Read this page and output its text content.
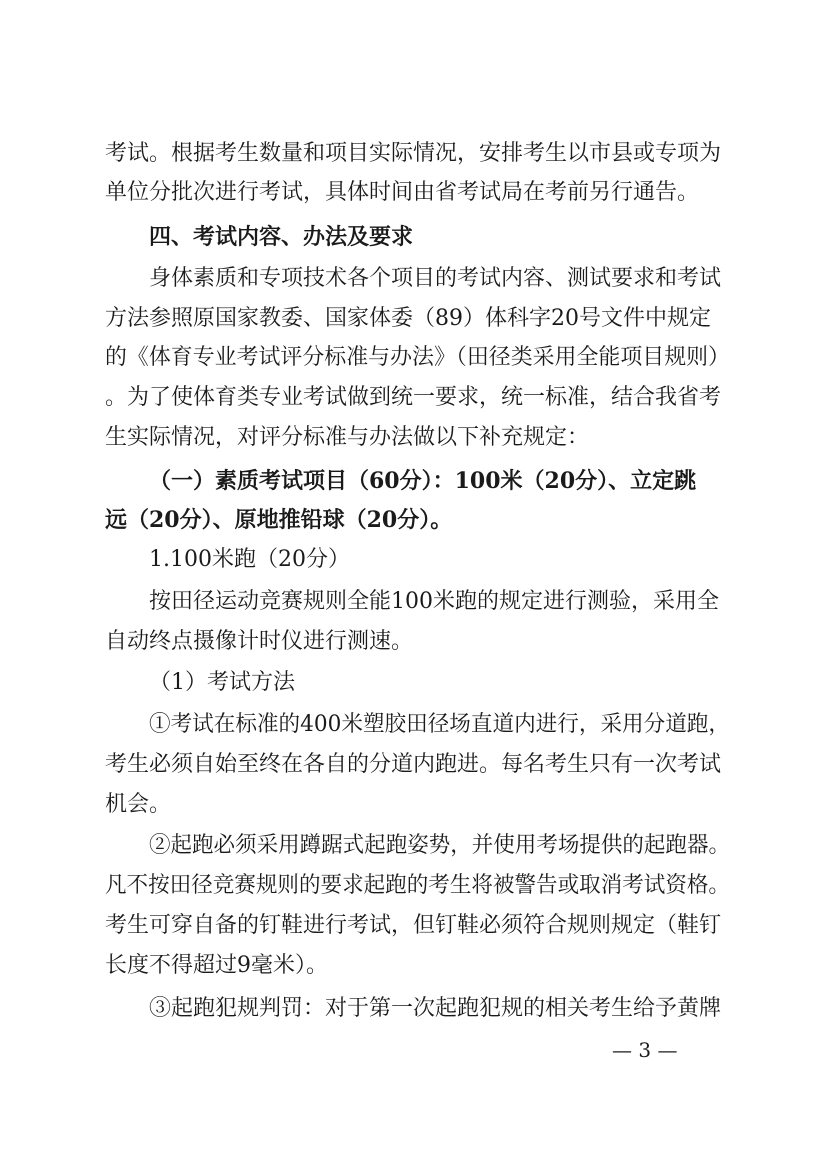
考试。根据考生数量和项目实际情况，安排考生以市县或专项为
单位分批次进行考试，具体时间由省考试局在考前另行通告。
四、考试内容、办法及要求
身体素质和专项技术各个项目的考试内容、测试要求和考试
方法参照原国家教委、国家体委（89）体科字20号文件中规定
的《体育专业考试评分标准与办法》（田径类采用全能项目规则）
。为了使体育类专业考试做到统一要求，统一标准，结合我省考
生实际情况，对评分标准与办法做以下补充规定：
（一）素质考试项目（60分）：100米（20分）、立定跳
远（20分）、原地推铅球（20分）。
1.100米跑（20分）
按田径运动竞赛规则全能100米跑的规定进行测验，采用全
自动终点摄像计时仪进行测速。
（1）考试方法
①考试在标准的400米塑胶田径场直道内进行，采用分道跑，
考生必须自始至终在各自的分道内跑进。每名考生只有一次考试
机会。
②起跑必须采用蹲踞式起跑姿势，并使用考场提供的起跑器。
凡不按田径竞赛规则的要求起跑的考生将被警告或取消考试资格。
考生可穿自备的钉鞋进行考试，但钉鞋必须符合规则规定（鞋钉
长度不得超过9毫米）。
③起跑犯规判罚：对于第一次起跑犯规的相关考生给予黄牌
— 3 —
